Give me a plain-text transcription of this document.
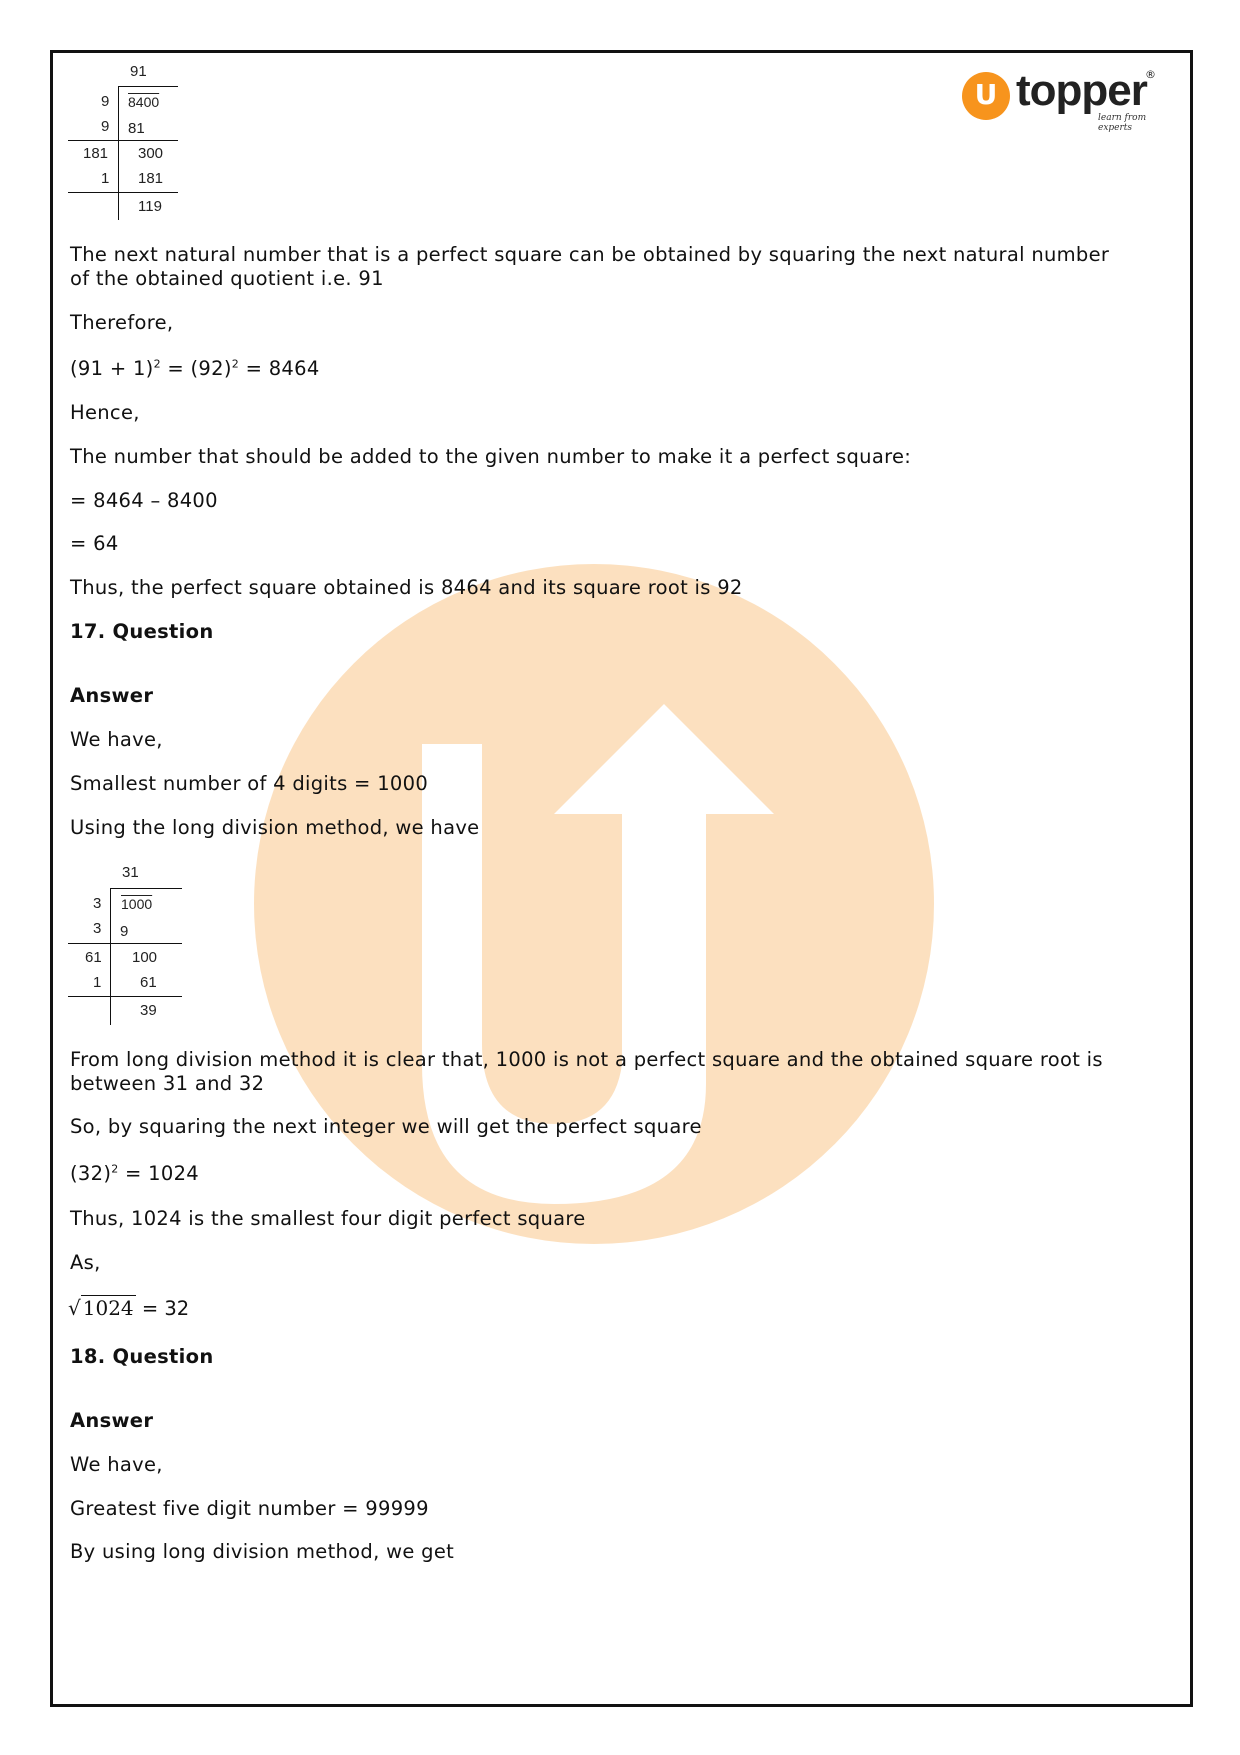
U topper
learn from experts
®
91
9 8400
9 81
181 300
1 181
119

The next natural number that is a perfect square can be obtained by squaring the next natural number of the obtained quotient i.e. 91

Therefore,

$(91 + 1)^2 = (92)^2 = 8464$

Hence,

The number that should be added to the given number to make it a perfect square:

= 8464 – 8400

= 64

Thus, the perfect square obtained is 8464 and its square root is 92

17. Question

Answer

We have,

Smallest number of 4 digits = 1000

Using the long division method, we have

31
3 1000
3 9
61 100
1	61
39

From long division method it is clear that, 1000 is not a perfect square and the obtained square root is between 31 and 32

So, by squaring the next integer we will get the perfect square

$(32)^2 = 1024$

Thus, 1024 is the smallest four digit perfect square

As,

√ 1024 = 32

18. Question

Answer

We have,

Greatest five digit number = 99999

By using long division method, we get
